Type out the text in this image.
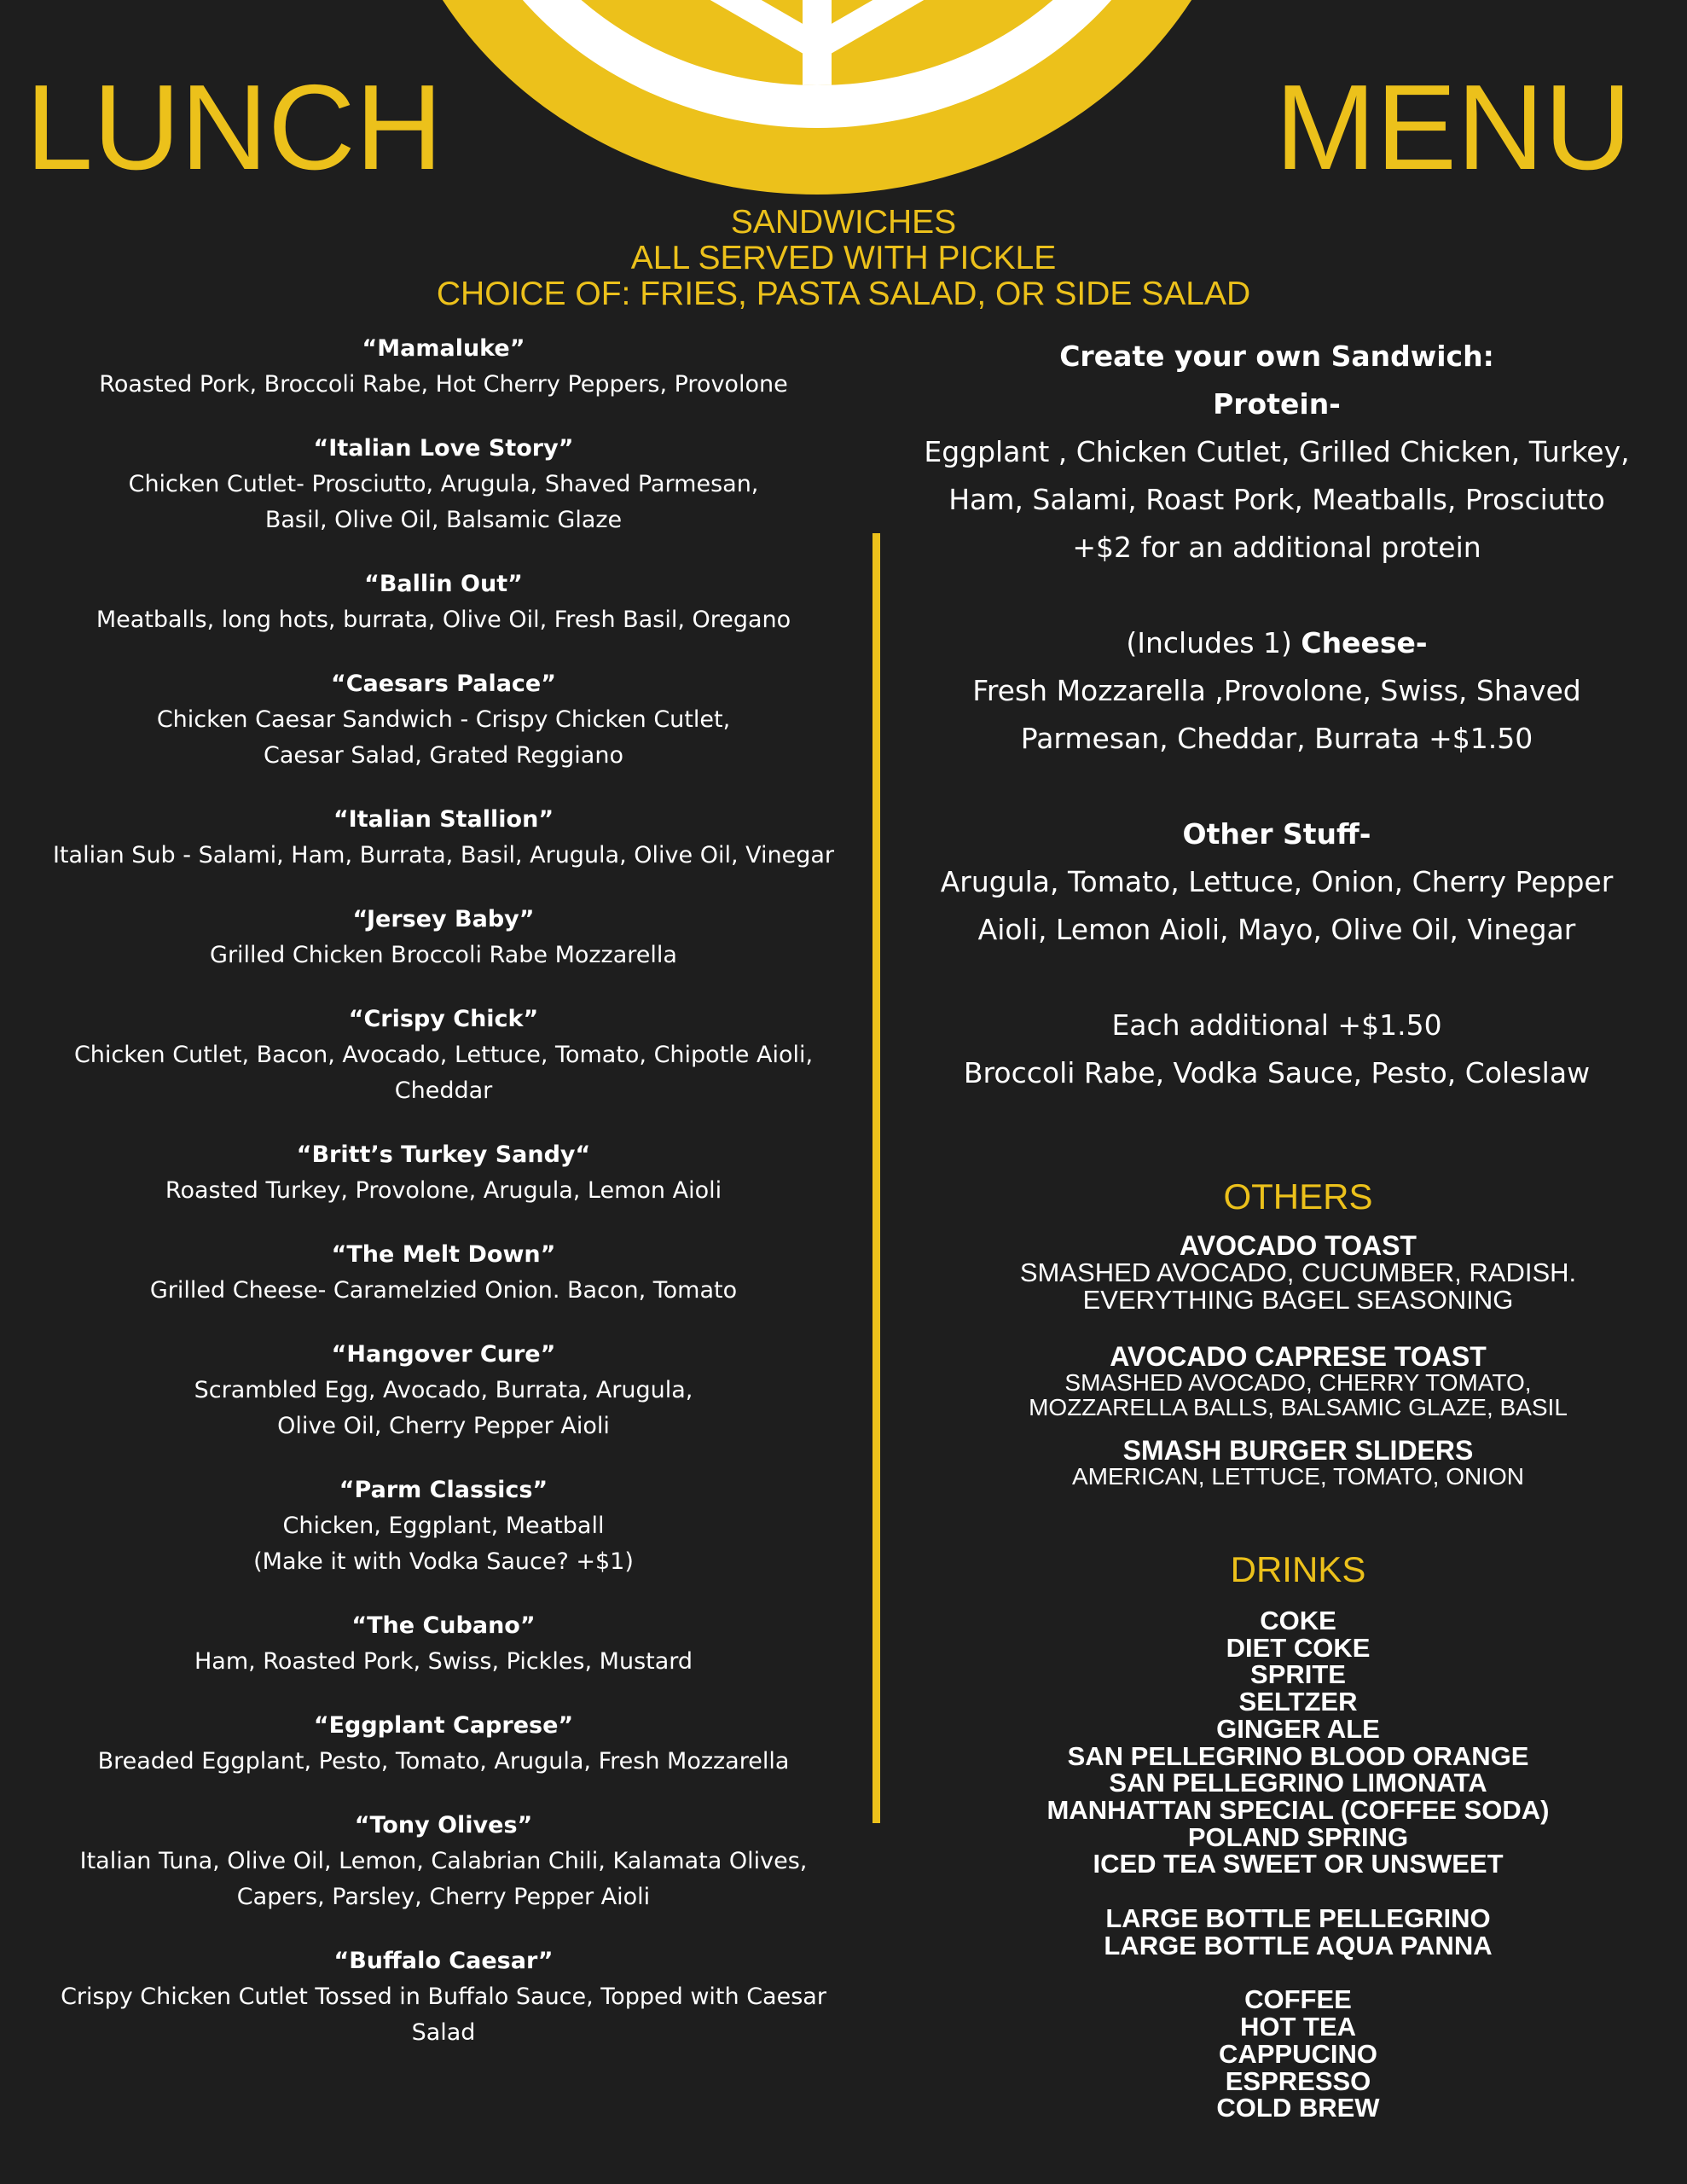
LUNCH	MENU
SANDWICHES
ALL SERVED WITH PICKLE
CHOICE OF: FRIES, PASTA SALAD, OR SIDE SALAD
“Mamaluke”
Roasted Pork, Broccoli Rabe, Hot Cherry Peppers, Provolone
“Italian Love Story”
Chicken Cutlet- Prosciutto, Arugula, Shaved Parmesan,
Basil, Olive Oil, Balsamic Glaze
“Ballin Out”
Meatballs, long hots, burrata, Olive Oil, Fresh Basil, Oregano
“Caesars Palace”
Chicken Caesar Sandwich - Crispy Chicken Cutlet,
Caesar Salad, Grated Reggiano
“Italian Stallion”
Italian Sub - Salami, Ham, Burrata, Basil, Arugula, Olive Oil, Vinegar
“Jersey Baby”
Grilled Chicken Broccoli Rabe Mozzarella
“Crispy Chick”
Chicken Cutlet, Bacon, Avocado, Lettuce, Tomato, Chipotle Aioli,
Cheddar
“Britt’s Turkey Sandy“
Roasted Turkey, Provolone, Arugula, Lemon Aioli
“The Melt Down”
Grilled Cheese- Caramelzied Onion. Bacon, Tomato
“Hangover Cure”
Scrambled Egg, Avocado, Burrata, Arugula,
Olive Oil, Cherry Pepper Aioli
“Parm Classics”
Chicken, Eggplant, Meatball
(Make it with Vodka Sauce? +$1)
“The Cubano”
Ham, Roasted Pork, Swiss, Pickles, Mustard
“Eggplant Caprese”
Breaded Eggplant, Pesto, Tomato, Arugula, Fresh Mozzarella
“Tony Olives”
Italian Tuna, Olive Oil, Lemon, Calabrian Chili, Kalamata Olives,
Capers, Parsley, Cherry Pepper Aioli
“Buffalo Caesar”
Crispy Chicken Cutlet Tossed in Buffalo Sauce, Topped with Caesar
Salad
Create your own Sandwich:
Protein-
Eggplant , Chicken Cutlet, Grilled Chicken, Turkey,
Ham, Salami, Roast Pork, Meatballs, Prosciutto
+$2 for an additional protein
(Includes 1) Cheese-
Fresh Mozzarella ,Provolone, Swiss, Shaved
Parmesan, Cheddar, Burrata +$1.50
Other Stuff-
Arugula, Tomato, Lettuce, Onion, Cherry Pepper
Aioli, Lemon Aioli, Mayo, Olive Oil, Vinegar
Each additional +$1.50
Broccoli Rabe, Vodka Sauce, Pesto, Coleslaw
OTHERS
AVOCADO TOAST
SMASHED AVOCADO, CUCUMBER, RADISH.
EVERYTHING BAGEL SEASONING
AVOCADO CAPRESE TOAST
SMASHED AVOCADO, CHERRY TOMATO,
MOZZARELLA BALLS, BALSAMIC GLAZE, BASIL
SMASH BURGER SLIDERS
AMERICAN, LETTUCE, TOMATO, ONION
DRINKS
COKE
DIET COKE
SPRITE
SELTZER
GINGER ALE
SAN PELLEGRINO BLOOD ORANGE
SAN PELLEGRINO LIMONATA
MANHATTAN SPECIAL (COFFEE SODA)
POLAND SPRING
ICED TEA SWEET OR UNSWEET
LARGE BOTTLE PELLEGRINO
LARGE BOTTLE AQUA PANNA
COFFEE
HOT TEA
CAPPUCINO
ESPRESSO
COLD BREW
